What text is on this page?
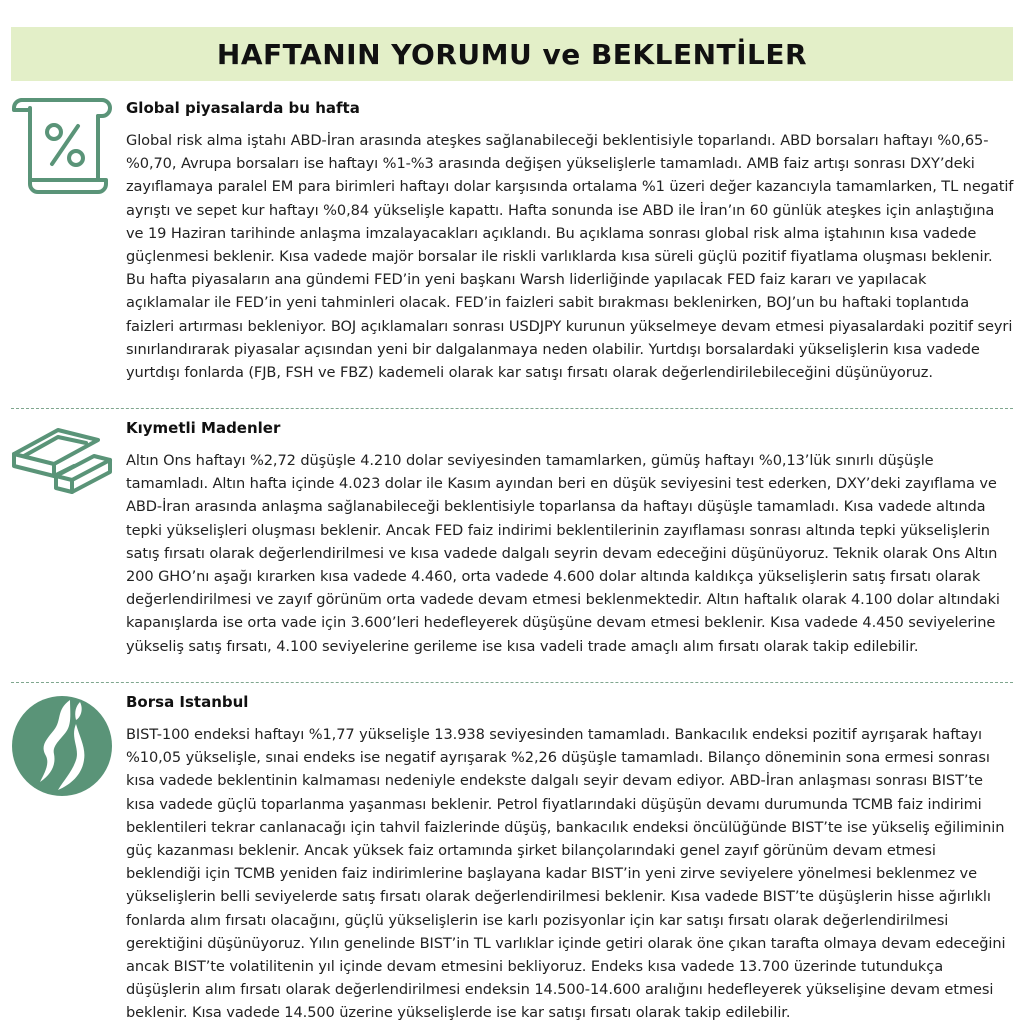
HAFTANIN YORUMU ve BEKLENTİLER

Global piyasalarda bu hafta

Global risk alma iştahı ABD-İran arasında ateşkes sağlanabileceği beklentisiyle toparlandı. ABD borsaları haftayı %0,65-%0,70, Avrupa borsaları ise haftayı %1-%3 arasında değişen yükselişlerle tamamladı. AMB faiz artışı sonrası DXY’deki zayıflamaya paralel EM para birimleri haftayı dolar karşısında ortalama %1 üzeri değer kazancıyla tamamlarken, TL negatif ayrıştı ve sepet kur haftayı %0,84 yükselişle kapattı. Hafta sonunda ise ABD ile İran’ın 60 günlük ateşkes için anlaştığına ve 19 Haziran tarihinde anlaşma imzalayacakları açıklandı. Bu açıklama sonrası global risk alma iştahının kısa vadede güçlenmesi beklenir. Kısa vadede majör borsalar ile riskli varlıklarda kısa süreli güçlü pozitif fiyatlama oluşması beklenir. Bu hafta piyasaların ana gündemi FED’in yeni başkanı Warsh liderliğinde yapılacak FED faiz kararı ve yapılacak açıklamalar ile FED’in yeni tahminleri olacak. FED’in faizleri sabit bırakması beklenirken, BOJ’un bu haftaki toplantıda faizleri artırması bekleniyor. BOJ açıklamaları sonrası USDJPY kurunun yükselmeye devam etmesi piyasalardaki pozitif seyri sınırlandırarak piyasalar açısından yeni bir dalgalanmaya neden olabilir. Yurtdışı borsalardaki yükselişlerin kısa vadede yurtdışı fonlarda (FJB, FSH ve FBZ) kademeli olarak kar satışı fırsatı olarak değerlendirilebileceğini düşünüyoruz.

Kıymetli Madenler

Altın Ons haftayı %2,72 düşüşle 4.210 dolar seviyesinden tamamlarken, gümüş haftayı %0,13’lük sınırlı düşüşle tamamladı. Altın hafta içinde 4.023 dolar ile Kasım ayından beri en düşük seviyesini test ederken, DXY’deki zayıflama ve ABD-İran arasında anlaşma sağlanabileceği beklentisiyle toparlansa da haftayı düşüşle tamamladı. Kısa vadede altında tepki yükselişleri oluşması beklenir. Ancak FED faiz indirimi beklentilerinin zayıflaması sonrası altında tepki yükselişlerin satış fırsatı olarak değerlendirilmesi ve kısa vadede dalgalı seyrin devam edeceğini düşünüyoruz. Teknik olarak Ons Altın 200 GHO’nı aşağı kırarken kısa vadede 4.460, orta vadede 4.600 dolar altında kaldıkça yükselişlerin satış fırsatı olarak değerlendirilmesi ve zayıf görünüm orta vadede devam etmesi beklenmektedir. Altın haftalık olarak 4.100 dolar altındaki kapanışlarda ise orta vade için 3.600’leri hedefleyerek düşüşüne devam etmesi beklenir. Kısa vadede 4.450 seviyelerine yükseliş satış fırsatı, 4.100 seviyelerine gerileme ise kısa vadeli trade amaçlı alım fırsatı olarak takip edilebilir.

Borsa Istanbul

BIST-100 endeksi haftayı %1,77 yükselişle 13.938 seviyesinden tamamladı. Bankacılık endeksi pozitif ayrışarak haftayı %10,05 yükselişle, sınai endeks ise negatif ayrışarak %2,26 düşüşle tamamladı. Bilanço döneminin sona ermesi sonrası kısa vadede beklentinin kalmaması nedeniyle endekste dalgalı seyir devam ediyor. ABD-İran anlaşması sonrası BIST’te kısa vadede güçlü toparlanma yaşanması beklenir. Petrol fiyatlarındaki düşüşün devamı durumunda TCMB faiz indirimi beklentileri tekrar canlanacağı için tahvil faizlerinde düşüş, bankacılık endeksi öncülüğünde BIST’te ise yükseliş eğiliminin güç kazanması beklenir. Ancak yüksek faiz ortamında şirket bilançolarındaki genel zayıf görünüm devam etmesi beklendiği için TCMB yeniden faiz indirimlerine başlayana kadar BIST’in yeni zirve seviyelere yönelmesi beklenmez ve yükselişlerin belli seviyelerde satış fırsatı olarak değerlendirilmesi beklenir. Kısa vadede BIST’te düşüşlerin hisse ağırlıklı fonlarda alım fırsatı olacağını, güçlü yükselişlerin ise karlı pozisyonlar için kar satışı fırsatı olarak değerlendirilmesi gerektiğini düşünüyoruz. Yılın genelinde BIST’in TL varlıklar içinde getiri olarak öne çıkan tarafta olmaya devam edeceğini ancak BIST’te volatilitenin yıl içinde devam etmesini bekliyoruz. Endeks kısa vadede 13.700 üzerinde tutundukça düşüşlerin alım fırsatı olarak değerlendirilmesi endeksin 14.500-14.600 aralığını hedefleyerek yükselişine devam etmesi beklenir. Kısa vadede 14.500 üzerine yükselişlerde ise kar satışı fırsatı olarak takip edilebilir.
